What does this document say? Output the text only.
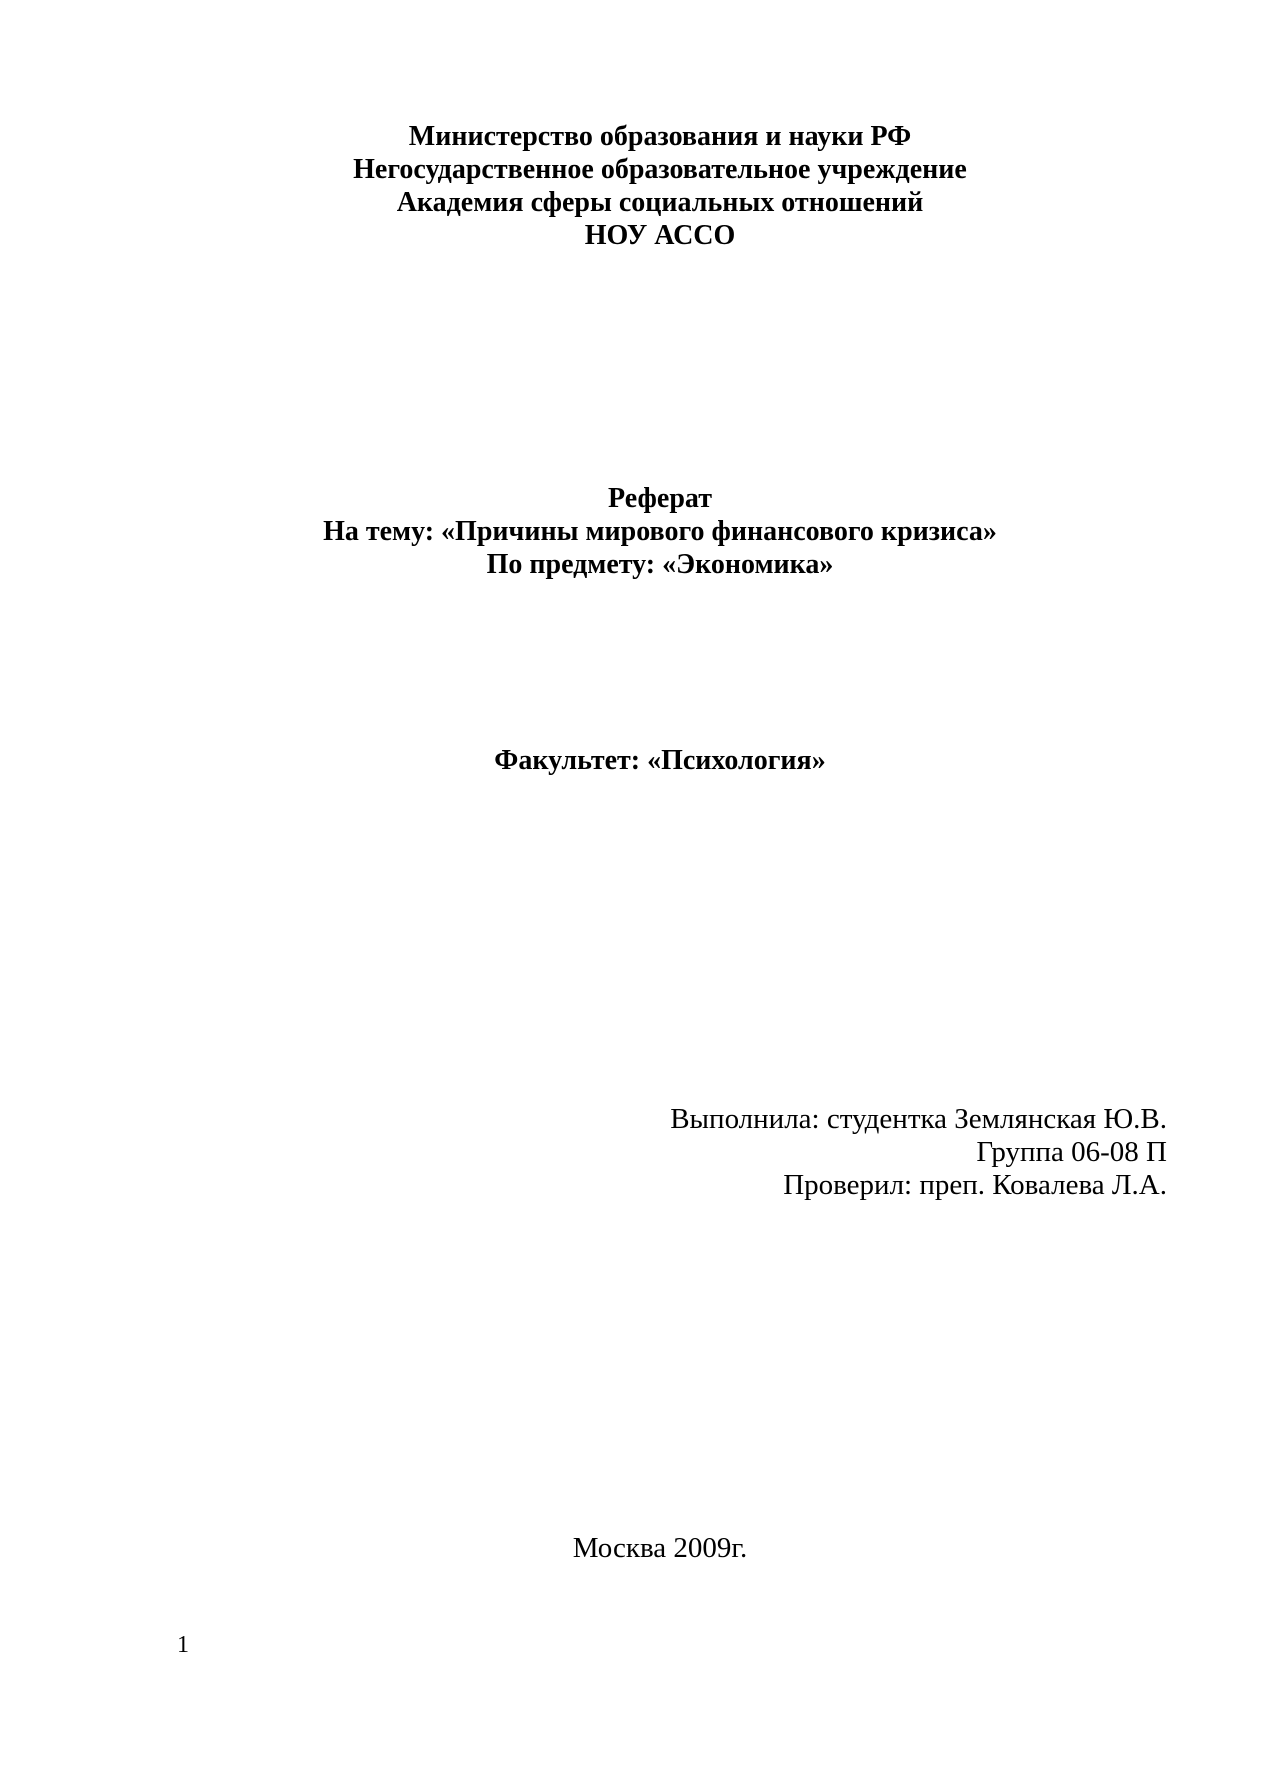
Министерство образования и науки РФ
Негосударственное образовательное учреждение
Академия сферы социальных отношений
НОУ АССО
Реферат
На тему: «Причины мирового финансового кризиса»
По предмету: «Экономика»
Факультет: «Психология»
Выполнила: студентка Землянская Ю.В.
Группа 06-08 П
Проверил: преп. Ковалева Л.А.
Москва 2009г.
1
